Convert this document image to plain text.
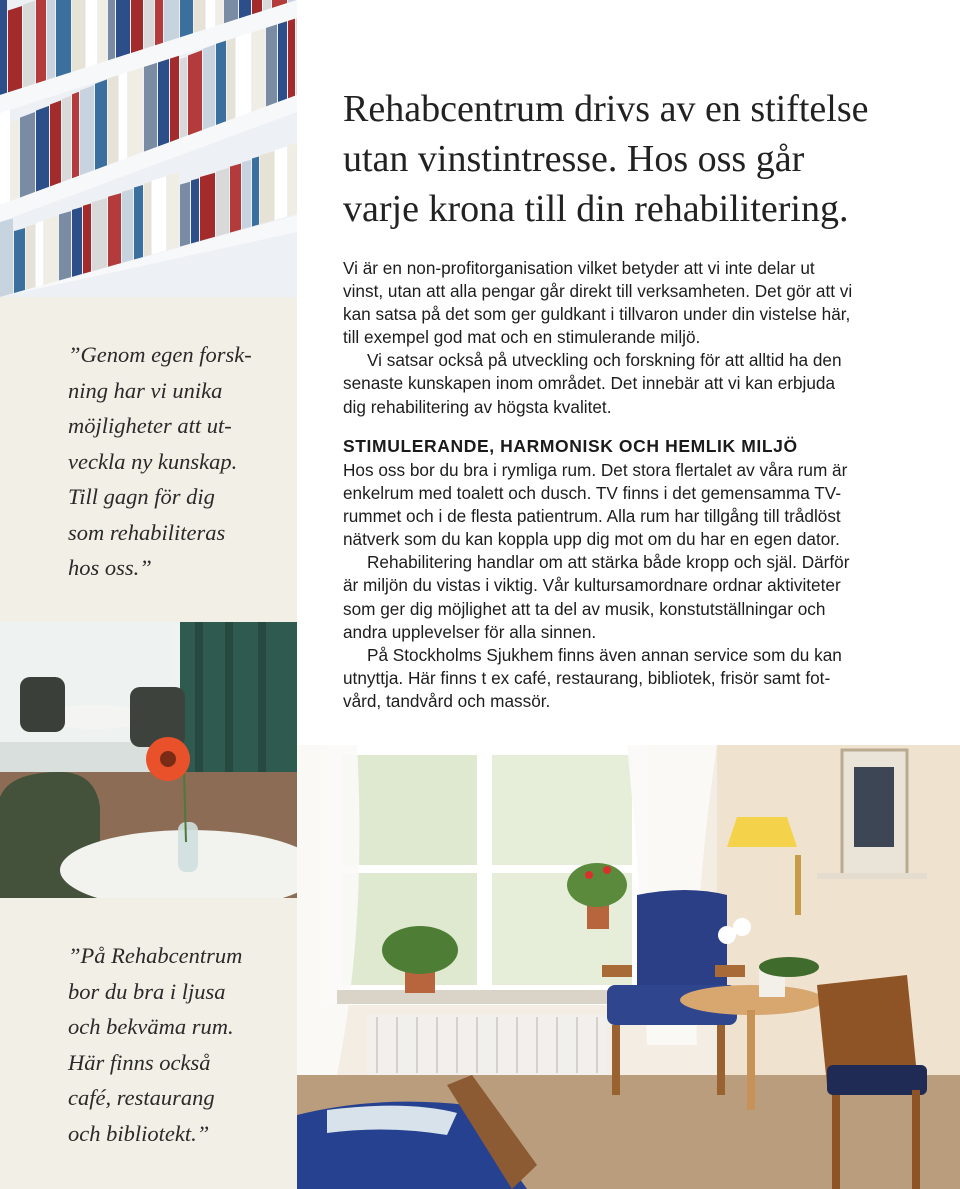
”Genom egen forsk-
ning har vi unika
möjligheter att ut-
veckla ny kunskap.
Till gagn för dig
som rehabiliteras
hos oss.”
”På Rehabcentrum
bor du bra i ljusa
och bekväma rum.
Här finns också
café, restaurang
och bibliotekt.”
Rehabcentrum drivs av en stiftelse
utan vinstintresse. Hos oss går
varje krona till din rehabilitering.
Vi är en non-profitorganisation vilket betyder att vi inte delar ut
vinst, utan att alla pengar går direkt till verksamheten. Det gör att vi
kan satsa på det som ger guldkant i tillvaron under din vistelse här,
till exempel god mat och en stimulerande miljö.
Vi satsar också på utveckling och forskning för att alltid ha den
senaste kunskapen inom området. Det innebär att vi kan erbjuda
dig rehabilitering av högsta kvalitet.
STIMULERANDE, HARMONISK OCH HEMLIK MILJÖ
Hos oss bor du bra i rymliga rum. Det stora flertalet av våra rum är
enkelrum med toalett och dusch. TV finns i det gemensamma TV-
rummet och i de flesta patientrum. Alla rum har tillgång till trådlöst
nätverk som du kan koppla upp dig mot om du har en egen dator.
Rehabilitering handlar om att stärka både kropp och själ. Därför
är miljön du vistas i viktig. Vår kultursamordnare ordnar aktiviteter
som ger dig möjlighet att ta del av musik, konstutställningar och
andra upplevelser för alla sinnen.
På Stockholms Sjukhem finns även annan service som du kan
utnyttja. Här finns t ex café, restaurang, bibliotek, frisör samt fot-
vård, tandvård och massör.
